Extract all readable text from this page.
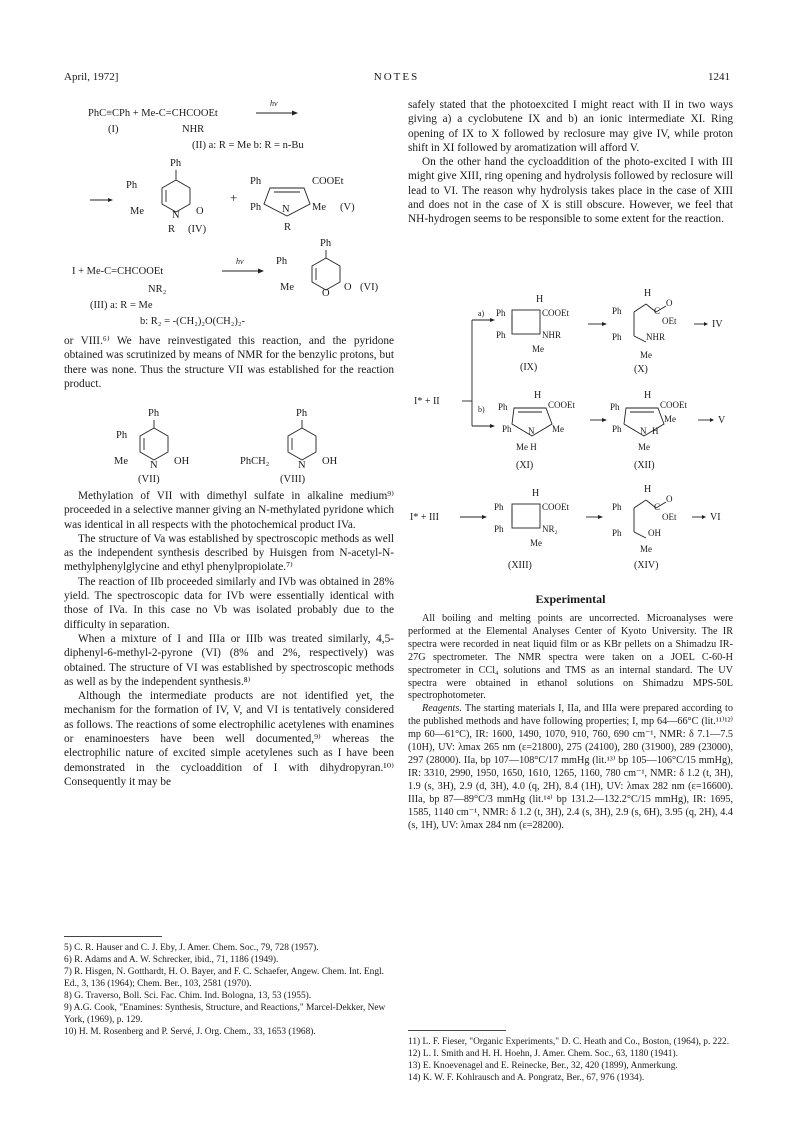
April, 1972]	NOTES	1241
PhC≡CPh + Me-C=CHCOOEt
hν
(I)	NHR
(II) a: R = Me b: R = n-Bu
Ph
Ph
Me	N O
R (IV)
+
Ph	COOEt
Ph N Me (V)
R
I + Me-C=CHCOOEt
hν
Ph
Ph
Me
O
O (VI)
NR₂
(III) a: R = Me
b: R₂ = -(CH₂)₂O(CH₂)₂-

or VIII.⁶⁾ We have reinvestigated this reaction, and the pyridone obtained was scrutinized by means of NMR for the benzylic protons, but there was none. Thus the structure VII was established for the reaction product.

Ph
Ph
Me N OH
(VII)
Ph
PhCH₂	N OH
(VIII)

Methylation of VII with dimethyl sulfate in alkaline medium⁹⁾ proceeded in a selective manner giving an N-methylated pyridone which was identical in all respects with the photochemical product IVa.

The structure of Va was established by spectroscopic methods as well as the independent synthesis described by Huisgen from N-acetyl-N-methylphenylglycine and ethyl phenylpropiolate.⁷⁾

The reaction of IIb proceeded similarly and IVb was obtained in 28% yield. The spectroscopic data for IVb were essentially identical with those of IVa. In this case no Vb was isolated probably due to the difficulty in separation.

When a mixture of I and IIIa or IIIb was treated similarly, 4,5-diphenyl-6-methyl-2-pyrone (VI) (8% and 2%, respectively) was obtained. The structure of VI was established by spectroscopic methods as well as by the independent synthesis.⁸⁾

Although the intermediate products are not identified yet, the mechanism for the formation of IV, V, and VI is tentatively considered as follows. The reactions of some electrophilic acetylenes with enamines or enaminoesters have been well documented,⁹⁾ whereas the electrophilic nature of excited simple acetylenes such as I have been demonstrated in the cycloaddition of I with dihydropyran.¹⁰⁾ Consequently it may be

5) C. R. Hauser and C. J. Eby, J. Amer. Chem. Soc., 79, 728 (1957).
6) R. Adams and A. W. Schrecker, ibid., 71, 1186 (1949).
7) R. Hisgen, N. Gotthardt, H. O. Bayer, and F. C. Schaefer, Angew. Chem. Int. Engl. Ed., 3, 136 (1964); Chem. Ber., 103, 2581 (1970).
8) G. Traverso, Boll. Sci. Fac. Chim. Ind. Bologna, 13, 53 (1955).
9) A.G. Cook, "Enamines: Synthesis, Structure, and Reactions," Marcel-Dekker, New York, (1969), p. 129.
10) H. M. Rosenberg and P. Servé, J. Org. Chem., 33, 1653 (1968).

safely stated that the photoexcited I might react with II in two ways giving a) a cyclobutene IX and b) an ionic intermediate XI. Ring opening of IX to X followed by reclosure may give IV, while proton shift in XI followed by aromatization will afford V.

On the other hand the cycloaddition of the photo-excited I with III might give XIII, ring opening and hydrolysis followed by reclosure will lead to VI. The reason why hydrolysis takes place in the case of XIII and does not in the case of X is still obscure. However, we feel that NH-hydrogen seems to be responsible to some extent for the reaction.

I* + II
a)
b)
H
Ph	COOEt
Ph	NHR
Me
(IX)
H
Ph	C
O
OEt
Ph	NHR
Me
(X)
IV
H
Ph	COOEt
Ph N Me
Me H
(XI)
H
Ph	COOEt
Me
Ph N H
Me
(XII)
V
I* + III
H
Ph	COOEt
Ph	NR₂
Me
(XIII)
H
Ph	C
O
OEt
Ph	OH
Me
(XIV)
VI
Experimental

All boiling and melting points are uncorrected. Microanalyses were performed at the Elemental Analyses Center of Kyoto University. The IR spectra were recorded in neat liquid film or as KBr pellets on a Shimadzu IR-27G spectrometer. The NMR spectra were taken on a JOEL C-60-H spectrometer in CCl₄ solutions and TMS as an internal standard. The UV spectra were obtained in ethanol solutions on Shimadzu MPS-50L spectrophotometer.

Reagents. The starting materials I, IIa, and IIIa were prepared according to the published methods and have following properties; I, mp 64—66°C (lit.¹¹⁾¹²⁾ mp 60—61°C), IR: 1600, 1490, 1070, 910, 760, 690 cm⁻¹, NMR: δ 7.1—7.5 (10H), UV: λmax 265 nm (ε=21800), 275 (24100), 280 (31900), 289 (23000), 297 (28000). IIa, bp 107—108°C/17 mmHg (lit.¹³⁾ bp 105—106°C/15 mmHg), IR: 3310, 2990, 1950, 1650, 1610, 1265, 1160, 780 cm⁻¹, NMR: δ 1.2 (t, 3H), 1.9 (s, 3H), 2.9 (d, 3H), 4.0 (q, 2H), 8.4 (1H), UV: λmax 282 nm (ε=16600). IIIa, bp 87—89°C/3 mmHg (lit.¹⁴⁾ bp 131.2—132.2°C/15 mmHg), IR: 1695, 1585, 1140 cm⁻¹, NMR: δ 1.2 (t, 3H), 2.4 (s, 3H), 2.9 (s, 6H), 3.95 (q, 2H), 4.4 (s, 1H), UV: λmax 284 nm (ε=28200).

11) L. F. Fieser, "Organic Experiments," D. C. Heath and Co., Boston, (1964), p. 222.
12) L. I. Smith and H. H. Hoehn, J. Amer. Chem. Soc., 63, 1180 (1941).
13) E. Knoevenagel and E. Reinecke, Ber., 32, 420 (1899), Anmerkung.
14) K. W. F. Kohlrausch and A. Pongratz, Ber., 67, 976 (1934).
